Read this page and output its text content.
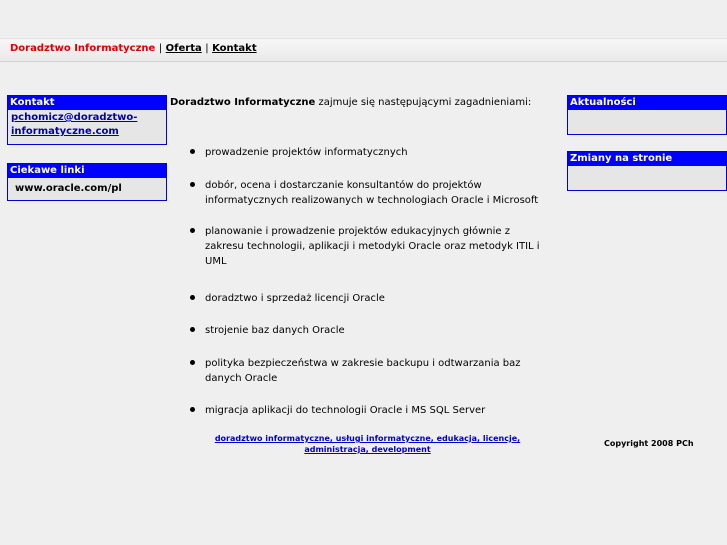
Doradztwo Informatyczne | Oferta | Kontakt
Kontakt
pchomicz@doradztwo-informatyczne.com
Ciekawe linki
www.oracle.com/pl
Aktualności
Zmiany na stronie
Doradztwo Informatyczne zajmuje się następującymi zagadnieniami:
prowadzenie projektów informatycznych
dobór, ocena i dostarczanie konsultantów do projektów informatycznych realizowanych w technologiach Oracle i Microsoft
planowanie i prowadzenie projektów edukacyjnych głównie z zakresu technologii, aplikacji i metodyki Oracle oraz metodyk ITIL i UML
doradztwo i sprzedaż licencji Oracle
strojenie baz danych Oracle
polityka bezpieczeństwa w zakresie backupu i odtwarzania baz danych Oracle
migracja aplikacji do technologii Oracle i MS SQL Server
doradztwo informatyczne, usługi informatyczne, edukacja, licencje, administracja, development
Copyright 2008 PCh
